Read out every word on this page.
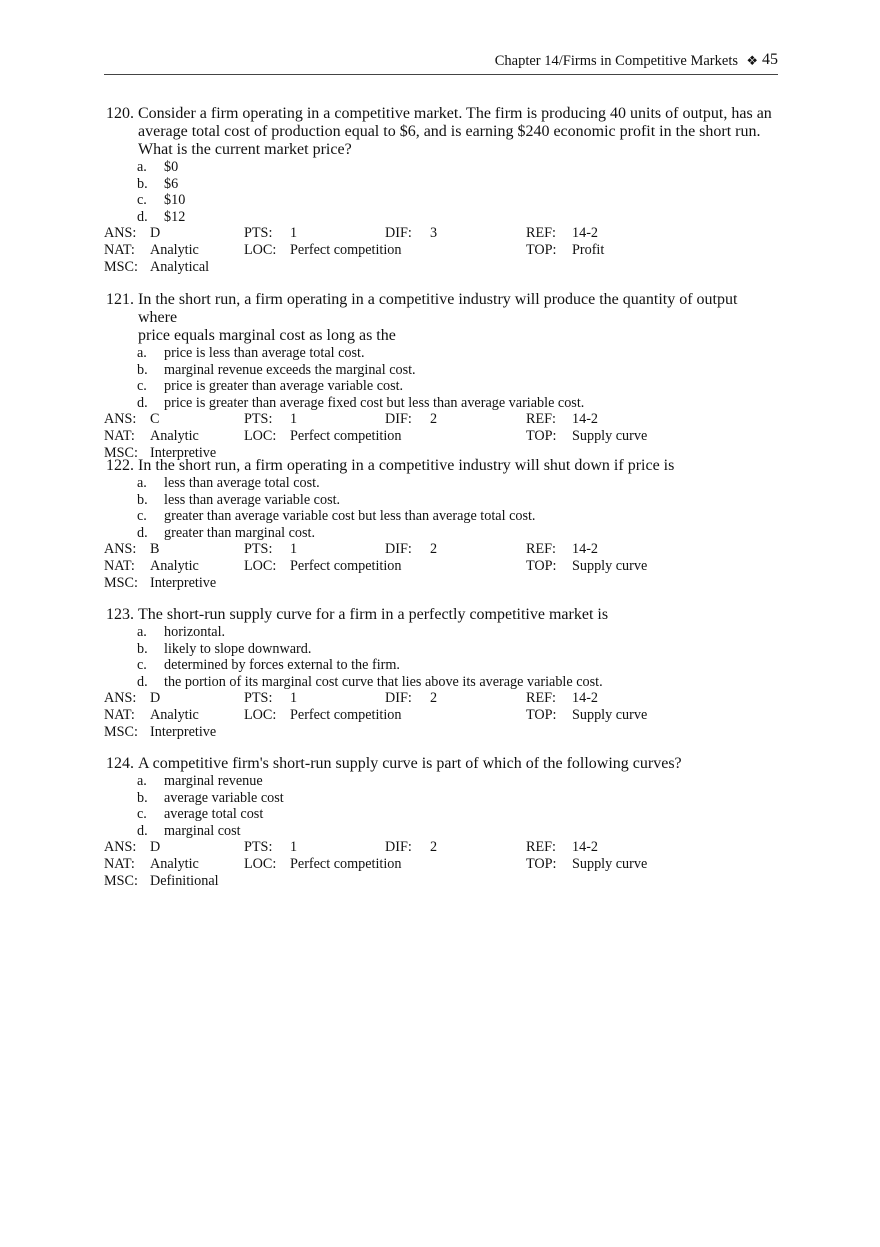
Chapter 14/Firms in Competitive Markets ❖ 45
120. Consider a firm operating in a competitive market. The firm is producing 40 units of output, has an
average total cost of production equal to $6, and is earning $240 economic profit in the short run.
What is the current market price?
a. $0
b. $6
c. $10
d. $12
ANS: D	PTS: 1	DIF: 3	REF: 14-2
NAT: Analytic	LOC: Perfect competition	TOP: Profit
MSC: Analytical
121. In the short run, a firm operating in a competitive industry will produce the quantity of output where
price equals marginal cost as long as the
a. price is less than average total cost.
b. marginal revenue exceeds the marginal cost.
c. price is greater than average variable cost.
d. price is greater than average fixed cost but less than average variable cost.
ANS: C	PTS: 1	DIF: 2	REF: 14-2
NAT: Analytic	LOC: Perfect competition	TOP: Supply curve
MSC: Interpretive
122. In the short run, a firm operating in a competitive industry will shut down if price is
a. less than average total cost.
b. less than average variable cost.
c. greater than average variable cost but less than average total cost.
d. greater than marginal cost.
ANS: B	PTS: 1	DIF: 2	REF: 14-2
NAT: Analytic	LOC: Perfect competition	TOP: Supply curve
MSC: Interpretive
123. The short-run supply curve for a firm in a perfectly competitive market is
a. horizontal.
b. likely to slope downward.
c. determined by forces external to the firm.
d. the portion of its marginal cost curve that lies above its average variable cost.
ANS: D	PTS: 1	DIF: 2	REF: 14-2
NAT: Analytic	LOC: Perfect competition	TOP: Supply curve
MSC: Interpretive
124. A competitive firm's short-run supply curve is part of which of the following curves?
a. marginal revenue
b. average variable cost
c. average total cost
d. marginal cost
ANS: D	PTS: 1	DIF: 2	REF: 14-2
NAT: Analytic	LOC: Perfect competition	TOP: Supply curve
MSC: Definitional
